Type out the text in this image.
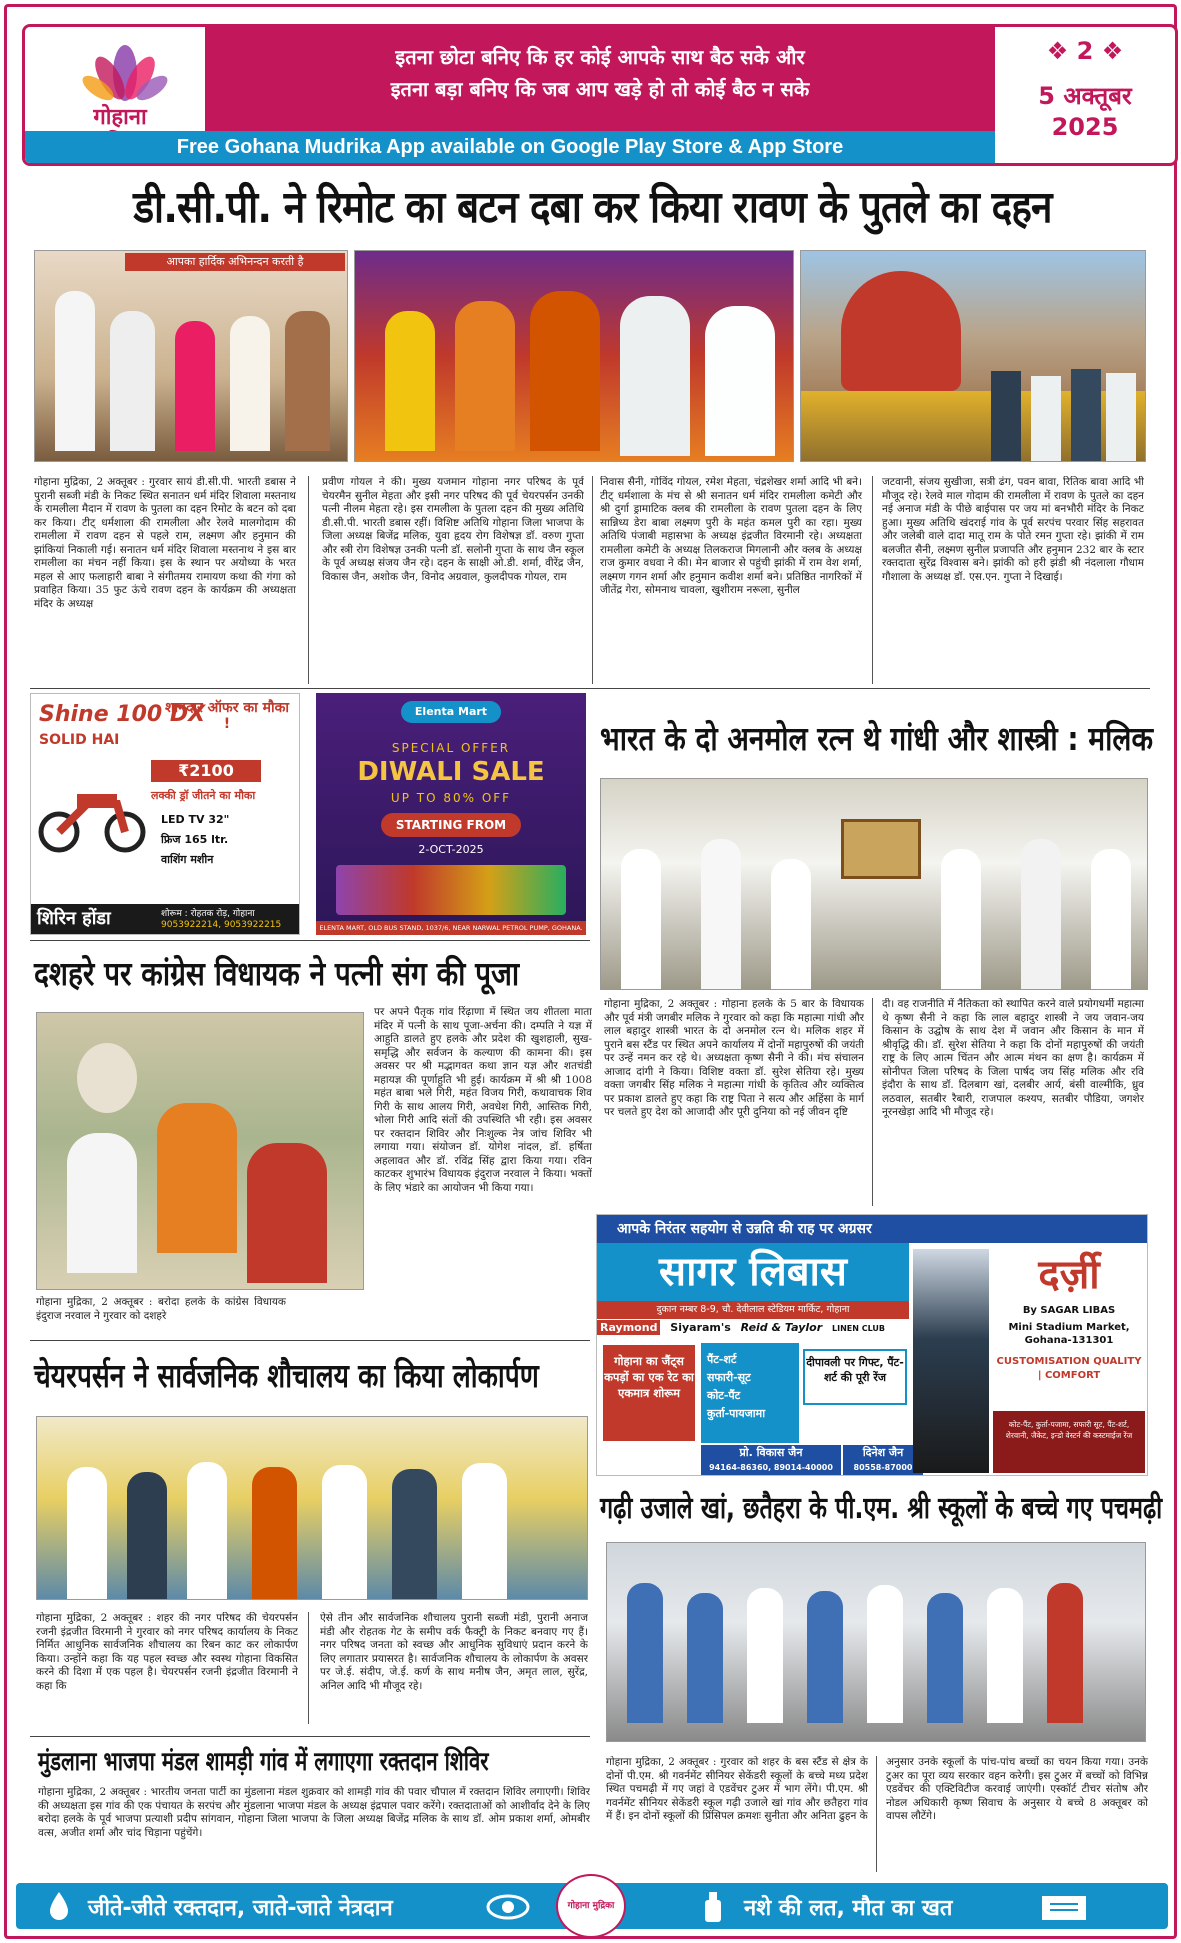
गोहाना
इतना छोटा बनिए कि हर कोई आपके साथ बैठ सके और
इतना बड़ा बनिए कि जब आप खड़े हो तो कोई बैठ न सके
Free Gohana Mudrika App available on Google Play Store & App Store
❖ 2 ❖
5 अक्तूबर
2025
डी.सी.पी. ने रिमोट का बटन दबा कर किया रावण के पुतले का दहन
आपका हार्दिक अभिनन्दन करती है
गोहाना मुद्रिका, 2 अक्तूबर : गुरवार सायं डी.सी.पी. भारती डबास ने पुरानी सब्जी मंडी के निकट स्थित सनातन धर्म मंदिर शिवाला मस्तनाथ के रामलीला मैदान में रावण के पुतला का दहन रिमोट के बटन को दबा कर किया। टीट्‌ धर्मशाला की रामलीला और रेलवे मालगोदाम की रामलीला में रावण दहन से पहले राम, लक्ष्मण और हनुमान की झांकियां निकाली गई। सनातन धर्म मंदिर शिवाला मस्तनाथ ने इस बार रामलीला का मंचन नहीं किया। इस के स्थान पर अयोध्या के भरत महल से आए फलाहारी बाबा ने संगीतमय रामायण कथा की गंगा को प्रवाहित किया। 35 फुट ऊंचे रावण दहन के कार्यक्रम की अध्यक्षता मंदिर के अध्यक्ष
प्रवीण गोयल ने की। मुख्य यजमान गोहाना नगर परिषद के पूर्व चेयरमैन सुनील मेहता और इसी नगर परिषद की पूर्व चेयरपर्सन उनकी पत्नी नीलम मेहता रहे। इस रामलीला के पुतला दहन की मुख्य अतिथि डी.सी.पी. भारती डबास रहीं। विशिष्ट अतिथि गोहाना जिला भाजपा के जिला अध्यक्ष बिजेंद्र मलिक, युवा हृदय रोग विशेषज्ञ डॉ. वरुण गुप्ता और स्त्री रोग विशेषज्ञ उनकी पत्नी डॉ. सलोनी गुप्ता के साथ जैन स्कूल के पूर्व अध्यक्ष संजय जैन रहे। दहन के साक्षी ओ.डी. शर्मा, वीरेंद्र जैन, विकास जैन, अशोक जैन, विनोद अग्रवाल, कुलदीपक गोयल, राम
निवास सैनी, गोविंद गोयल, रमेश मेहता, चंद्रशेखर शर्मा आदि भी बने। टीट्‌ धर्मशाला के मंच से श्री सनातन धर्म मंदिर रामलीला कमेटी और श्री दुर्गा ड्रामाटिक क्लब की रामलीला के रावण पुतला दहन के लिए सान्निध्य डेरा बाबा लक्ष्मण पुरी के महंत कमल पुरी का रहा। मुख्य अतिथि पंजाबी महासभा के अध्यक्ष इंद्रजीत विरमानी रहे। अध्यक्षता रामलीला कमेटी के अध्यक्ष तिलकराज मिगलानी और क्लब के अध्यक्ष राज कुमार वधवा ने की। मेन बाजार से पहुंची झांकी में राम वेश शर्मा, लक्ष्मण गगन शर्मा और हनुमान कवीश शर्मा बने। प्रतिष्ठित नागरिकों में जीतेंद्र गेरा, सोमनाथ चावला, खुशीराम नरूला, सुनील
जटवानी, संजय सुखीजा, सत्री ढंग, पवन बावा, रितिक बावा आदि भी मौजूद रहे। रेलवे माल गोदाम की रामलीला में रावण के पुतले का दहन नई अनाज मंडी के पीछे बाईपास पर जय मां बनभौरी मंदिर के निकट हुआ। मुख्य अतिथि खंदराई गांव के पूर्व सरपंच परवार सिंह सहरावत और जलेबी वाले दादा मातू राम के पोते रमन गुप्ता रहे। झांकी में राम बलजीत सैनी, लक्ष्मण सुनील प्रजापति और हनुमान 232 बार के स्टार रक्तदाता सुरेंद्र विश्वास बने। झांकी को हरी झंडी श्री नंदलाला गौधाम गौशाला के अध्यक्ष डॉ. एस.एन. गुप्ता ने दिखाई।
Shine 100 DX
SOLID HAI
शानदार ऑफर का मौका !
₹2100
लक्की ड्रॉ जीतने का मौका
LED TV 32"
फ्रिज 165 ltr.
वाशिंग मशीन
शिरिन होंडा	शोरूम : रोहतक रोड़, गोहाना
9053922214, 9053922215
Elenta Mart
SPECIAL OFFER
DIWALI SALE
UP TO 80% OFF
STARTING FROM
2-OCT-2025
ELENTA MART, OLD BUS STAND, 1037/6, NEAR NARWAL PETROL PUMP, GOHANA.
भारत के दो अनमोल रत्न थे गांधी और शास्त्री : मलिक
गोहाना मुद्रिका, 2 अक्तूबर : गोहाना हलके के 5 बार के विधायक और पूर्व मंत्री जगबीर मलिक ने गुरवार को कहा कि महात्मा गांधी और लाल बहादुर शास्त्री भारत के दो अनमोल रत्न थे। मलिक शहर में पुराने बस स्टैंड पर स्थित अपने कार्यालय में दोनों महापुरुषों की जयंती पर उन्हें नमन कर रहे थे। अध्यक्षता कृष्ण सैनी ने की। मंच संचालन आजाद दांगी ने किया। विशिष्ट वक्ता डॉ. सुरेश सेतिया रहे। मुख्य वक्ता जगबीर सिंह मलिक ने महात्मा गांधी के कृतित्व और व्यक्तित्व पर प्रकाश डालते हुए कहा कि राष्ट्र पिता ने सत्य और अहिंसा के मार्ग पर चलते हुए देश को आजादी और पूरी दुनिया को नई जीवन दृष्टि
दी। वह राजनीति में नैतिकता को स्थापित करने वाले प्रयोगधर्मी महात्मा थे कृष्ण सैनी ने कहा कि लाल बहादुर शास्त्री ने जय जवान-जय किसान के उद्घोष के साथ देश में जवान और किसान के मान में श्रीवृद्धि की। डॉ. सुरेश सेतिया ने कहा कि दोनों महापुरुषों की जयंती राष्ट्र के लिए आत्म चिंतन और आत्म मंथन का क्षण है। कार्यक्रम में सोनीपत जिला परिषद के जिला पार्षद जय सिंह मलिक और रवि इंदौरा के साथ डॉ. दिलबाग खां, दलबीर आर्य, बंसी वाल्मीकि, ध्रुव लठवाल, सतबीर रैबारी, राजपाल कश्यप, सतबीर पौडिया, जगशेर नूरनखेड़ा आदि भी मौजूद रहे।
दशहरे पर कांग्रेस विधायक ने पत्नी संग की पूजा
गोहाना मुद्रिका, 2 अक्तूबर : बरोदा हलके के कांग्रेस विधायक इंदुराज नरवाल ने गुरवार को दशहरे
पर अपने पैतृक गांव रिंढ़ाणा में स्थित जय शीतला माता मंदिर में पत्नी के साथ पूजा-अर्चना की। दम्पति ने यज्ञ में आहुति डालते हुए हलके और प्रदेश की खुशहाली, सुख-समृद्धि और सर्वजन के कल्याण की कामना की। इस अवसर पर श्री मद्भागवत कथा ज्ञान यज्ञ और शतचंडी महायज्ञ की पूर्णाहुति भी हुई। कार्यक्रम में श्री श्री 1008 महंत बाबा भले गिरी, महंत विजय गिरी, कथावाचक शिव गिरी के साथ आलय गिरी, अवधेश गिरी, आस्तिक गिरी, भोला गिरी आदि संतों की उपस्थिति भी रही। इस अवसर पर रक्तदान शिविर और निःशुल्क नेत्र जांच शिविर भी लगाया गया। संयोजन डॉ. योगेश नांदल, डॉ. हर्षिता अहलावत और डॉ. रविंद्र सिंह द्वारा किया गया। रविन काटकर शुभारंभ विधायक इंदुराज नरवाल ने किया। भक्तों के लिए भंडारे का आयोजन भी किया गया।
चेयरपर्सन ने सार्वजनिक शौचालय का किया लोकार्पण
गोहाना मुद्रिका, 2 अक्तूबर : शहर की नगर परिषद की चेयरपर्सन रजनी इंद्रजीत विरमानी ने गुरवार को नगर परिषद कार्यालय के निकट निर्मित आधुनिक सार्वजनिक शौचालय का रिबन काट कर लोकार्पण किया। उन्होंने कहा कि यह पहल स्वच्छ और स्वस्थ गोहाना विकसित करने की दिशा में एक पहल है। चेयरपर्सन रजनी इंद्रजीत विरमानी ने कहा कि
ऐसे तीन और सार्वजनिक शौचालय पुरानी सब्जी मंडी, पुरानी अनाज मंडी और रोहतक गेट के समीप वर्क फैक्ट्री के निकट बनवाए गए हैं। नगर परिषद जनता को स्वच्छ और आधुनिक सुविधाएं प्रदान करने के लिए लगातार प्रयासरत है। सार्वजनिक शौचालय के लोकार्पण के अवसर पर जे.ई. संदीप, जे.ई. कर्ण के साथ मनीष जैन, अमृत लाल, सुरेंद्र, अनिल आदि भी मौजूद रहे।
आपके निरंतर सहयोग से उन्नति की राह पर अग्रसर
सागर लिबास
दुकान नम्बर 8-9, चौ. देवीलाल स्टेडियम मार्किट, गोहाना
Raymond Siyaram's Reid & Taylor LINEN CLUB
गोहाना का जैंट्स कपड़ों का एक रेट का एकमात्र शोरूम
पैंट-शर्ट
सफारी-सूट
कोट-पैंट
कुर्ता-पायजामा
दीपावली पर गिफ्ट, पैंट-शर्ट की पूरी रेंज
प्रो. विकास जैन
94164-86360, 89014-40000
दिनेश जैन
80558-87000
दर्ज़ी
By SAGAR LIBAS
Mini Stadium Market, Gohana-131301
CUSTOMISATION QUALITY | COMFORT
कोट-पैंट, कुर्ता-पजामा, सफारी सूट, पैंट-शर्ट, शेरवानी, जैकेट, इन्डो वेस्टर्न की कस्टमाईज रेंज
गढ़ी उजाले खां, छतैहरा के पी.एम. श्री स्कूलों के बच्चे गए पचमढ़ी
गोहाना मुद्रिका, 2 अक्तूबर : गुरवार को शहर के बस स्टैंड से क्षेत्र के दोनों पी.एम. श्री गवर्नमेंट सीनियर सेकेंडरी स्कूलों के बच्चे मध्य प्रदेश स्थित पचमढ़ी में गए जहां वे एडवेंचर टुअर में भाग लेंगे। पी.एम. श्री गवर्नमेंट सीनियर सेकेंडरी स्कूल गढ़ी उजाले खां गांव और छतैहरा गांव में हैं। इन दोनों स्कूलों की प्रिंसिपल क्रमशः सुनीता और अनिता ढुहन के
अनुसार उनके स्कूलों के पांच-पांच बच्चों का चयन किया गया। उनके टुअर का पूरा व्यय सरकार वहन करेगी। इस टुअर में बच्चों को विभिन्न एडवेंचर की एक्टिविटीज करवाई जाएंगी। एस्कॉर्ट टीचर संतोष और नोडल अधिकारी कृष्ण सिवाच के अनुसार ये बच्चे 8 अक्तूबर को वापस लौटेंगे।
मुंडलाना भाजपा मंडल शामड़ी गांव में लगाएगा रक्तदान शिविर
गोहाना मुद्रिका, 2 अक्तूबर : भारतीय जनता पार्टी का मुंडलाना मंडल शुक्रवार को शामड़ी गांव की पवार चौपाल में रक्तदान शिविर लगाएगी। शिविर की अध्यक्षता इस गांव की एक पंचायत के सरपंच और मुंडलाना भाजपा मंडल के अध्यक्ष इंद्रपाल पवार करेंगे। रक्तदाताओं को आशीर्वाद देने के लिए बरोदा हलके के पूर्व भाजपा प्रत्याशी प्रदीप सांगवान, गोहाना जिला भाजपा के जिला अध्यक्ष बिजेंद्र मलिक के साथ डॉ. ओम प्रकाश शर्मा, ओमबीर वत्स, अजीत शर्मा और चांद चिड़ाना पहुंचेंगे।
जीते-जीते रक्तदान, जाते-जाते नेत्रदान	गोहाना मुद्रिका	नशे की लत, मौत का खत
